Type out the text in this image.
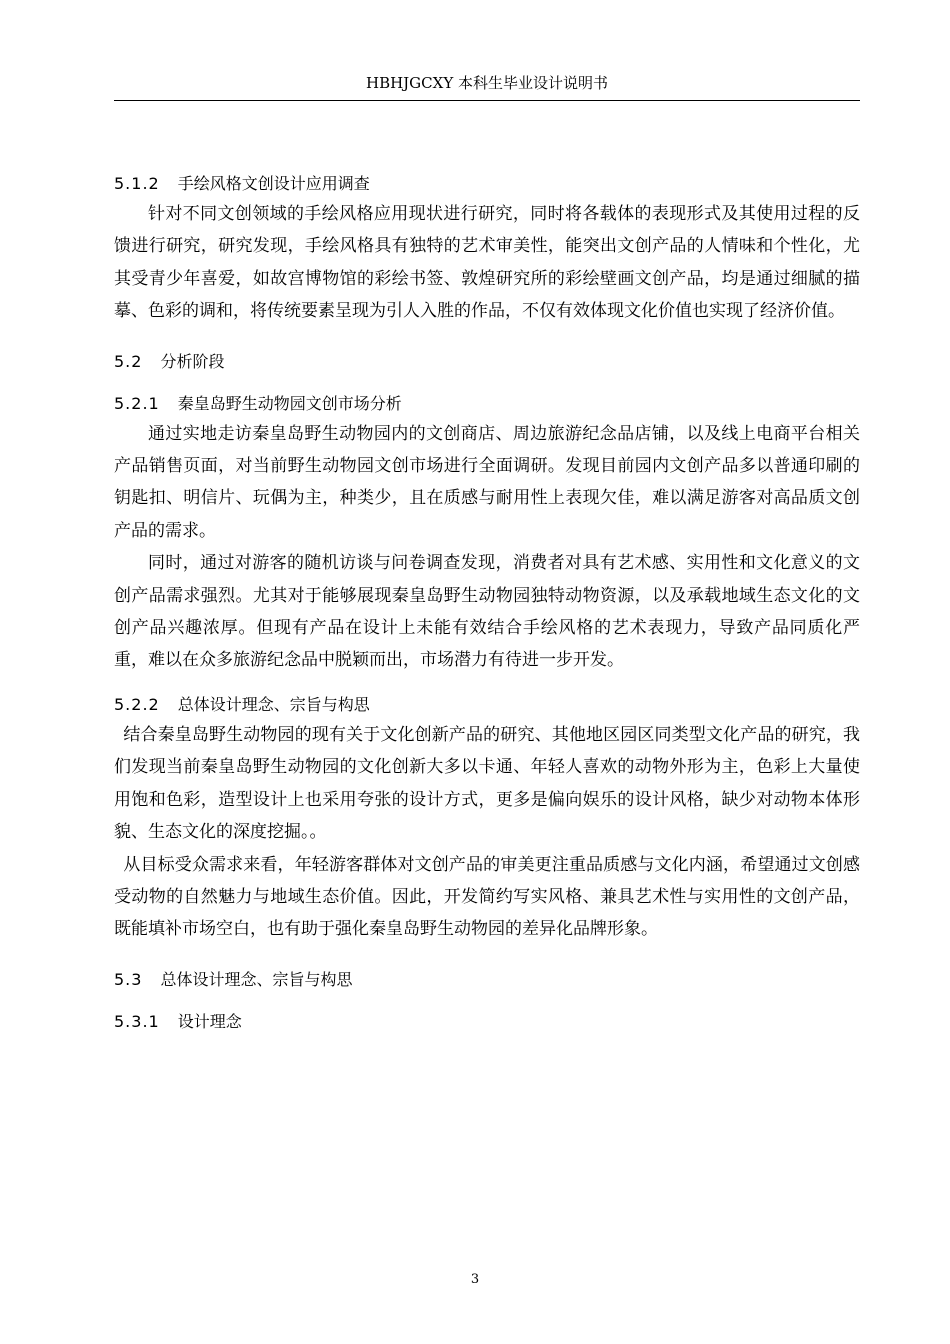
HBHJGCXY 本科生毕业设计说明书
5.1.2 手绘风格文创设计应用调查

针对不同文创领域的手绘风格应用现状进行研究，同时将各载体的表现形式及其使用过程的反馈进行研究，研究发现，手绘风格具有独特的艺术审美性，能突出文创产品的人情味和个性化，尤其受青少年喜爱，如故宫博物馆的彩绘书签、敦煌研究所的彩绘壁画文创产品，均是通过细腻的描摹、色彩的调和，将传统要素呈现为引人入胜的作品，不仅有效体现文化价值也实现了经济价值。

5.2 分析阶段
5.2.1 秦皇岛野生动物园文创市场分析

通过实地走访秦皇岛野生动物园内的文创商店、周边旅游纪念品店铺，以及线上电商平台相关产品销售页面，对当前野生动物园文创市场进行全面调研。发现目前园内文创产品多以普通印刷的钥匙扣、明信片、玩偶为主，种类少，且在质感与耐用性上表现欠佳，难以满足游客对高品质文创产品的需求。

同时，通过对游客的随机访谈与问卷调查发现，消费者对具有艺术感、实用性和文化意义的文创产品需求强烈。尤其对于能够展现秦皇岛野生动物园独特动物资源，以及承载地域生态文化的文创产品兴趣浓厚。但现有产品在设计上未能有效结合手绘风格的艺术表现力，导致产品同质化严重，难以在众多旅游纪念品中脱颖而出，市场潜力有待进一步开发。

5.2.2 总体设计理念、宗旨与构思

结合秦皇岛野生动物园的现有关于文化创新产品的研究、其他地区园区同类型文化产品的研究，我们发现当前秦皇岛野生动物园的文化创新大多以卡通、年轻人喜欢的动物外形为主，色彩上大量使用饱和色彩，造型设计上也采用夸张的设计方式，更多是偏向娱乐的设计风格，缺少对动物本体形貌、生态文化的深度挖掘。。

从目标受众需求来看，年轻游客群体对文创产品的审美更注重品质感与文化内涵，希望通过文创感受动物的自然魅力与地域生态价值。因此，开发简约写实风格、兼具艺术性与实用性的文创产品，既能填补市场空白，也有助于强化秦皇岛野生动物园的差异化品牌形象。

5.3 总体设计理念、宗旨与构思
5.3.1 设计理念
3
